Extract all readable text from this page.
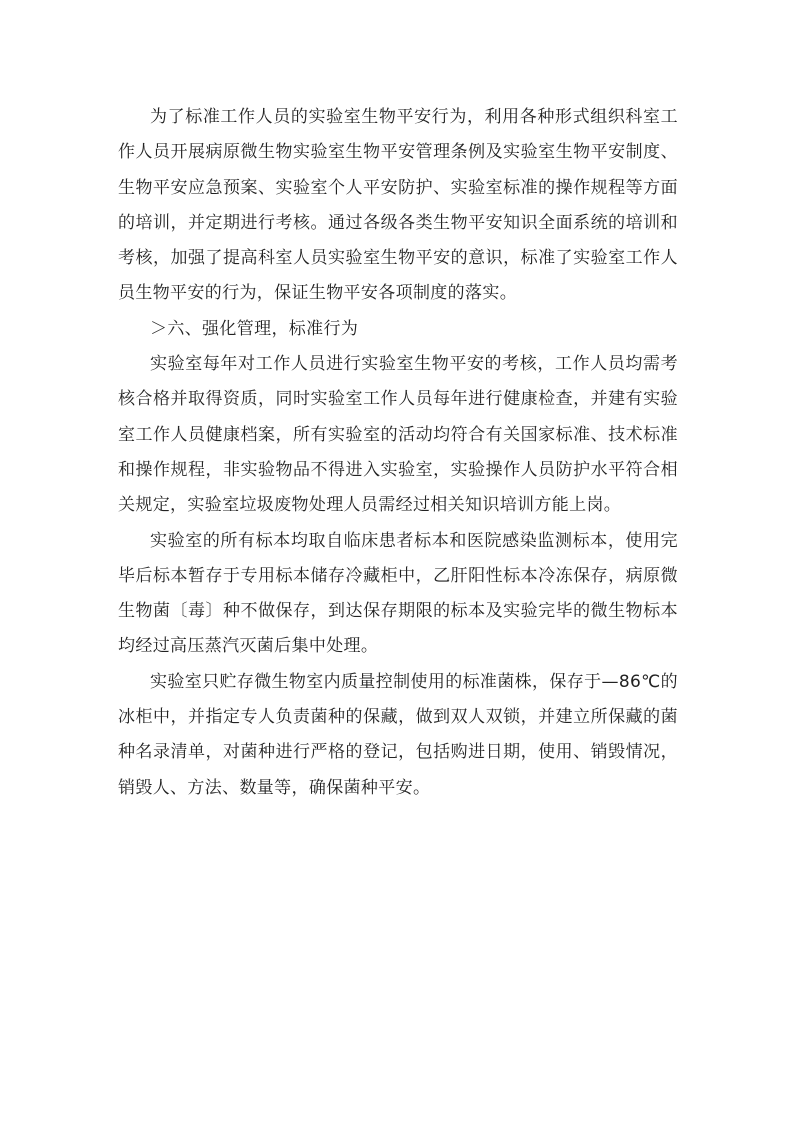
为了标准工作人员的实验室生物平安行为，利用各种形式组织科室工作人员开展病原微生物实验室生物平安管理条例及实验室生物平安制度、生物平安应急预案、实验室个人平安防护、实验室标准的操作规程等方面的培训，并定期进行考核。通过各级各类生物平安知识全面系统的培训和考核，加强了提高科室人员实验室生物平安的意识，标准了实验室工作人员生物平安的行为，保证生物平安各项制度的落实。

＞六、强化管理，标准行为

实验室每年对工作人员进行实验室生物平安的考核，工作人员均需考核合格并取得资质，同时实验室工作人员每年进行健康检查，并建有实验室工作人员健康档案，所有实验室的活动均符合有关国家标准、技术标准和操作规程，非实验物品不得进入实验室，实验操作人员防护水平符合相关规定，实验室垃圾废物处理人员需经过相关知识培训方能上岗。

实验室的所有标本均取自临床患者标本和医院感染监测标本，使用完毕后标本暂存于专用标本储存冷藏柜中，乙肝阳性标本冷冻保存，病原微生物菌〔毒〕种不做保存，到达保存期限的标本及实验完毕的微生物标本均经过高压蒸汽灭菌后集中处理。

实验室只贮存微生物室内质量控制使用的标准菌株，保存于—86℃的冰柜中，并指定专人负责菌种的保藏，做到双人双锁，并建立所保藏的菌种名录清单，对菌种进行严格的登记，包括购进日期，使用、销毁情况，销毁人、方法、数量等，确保菌种平安。
